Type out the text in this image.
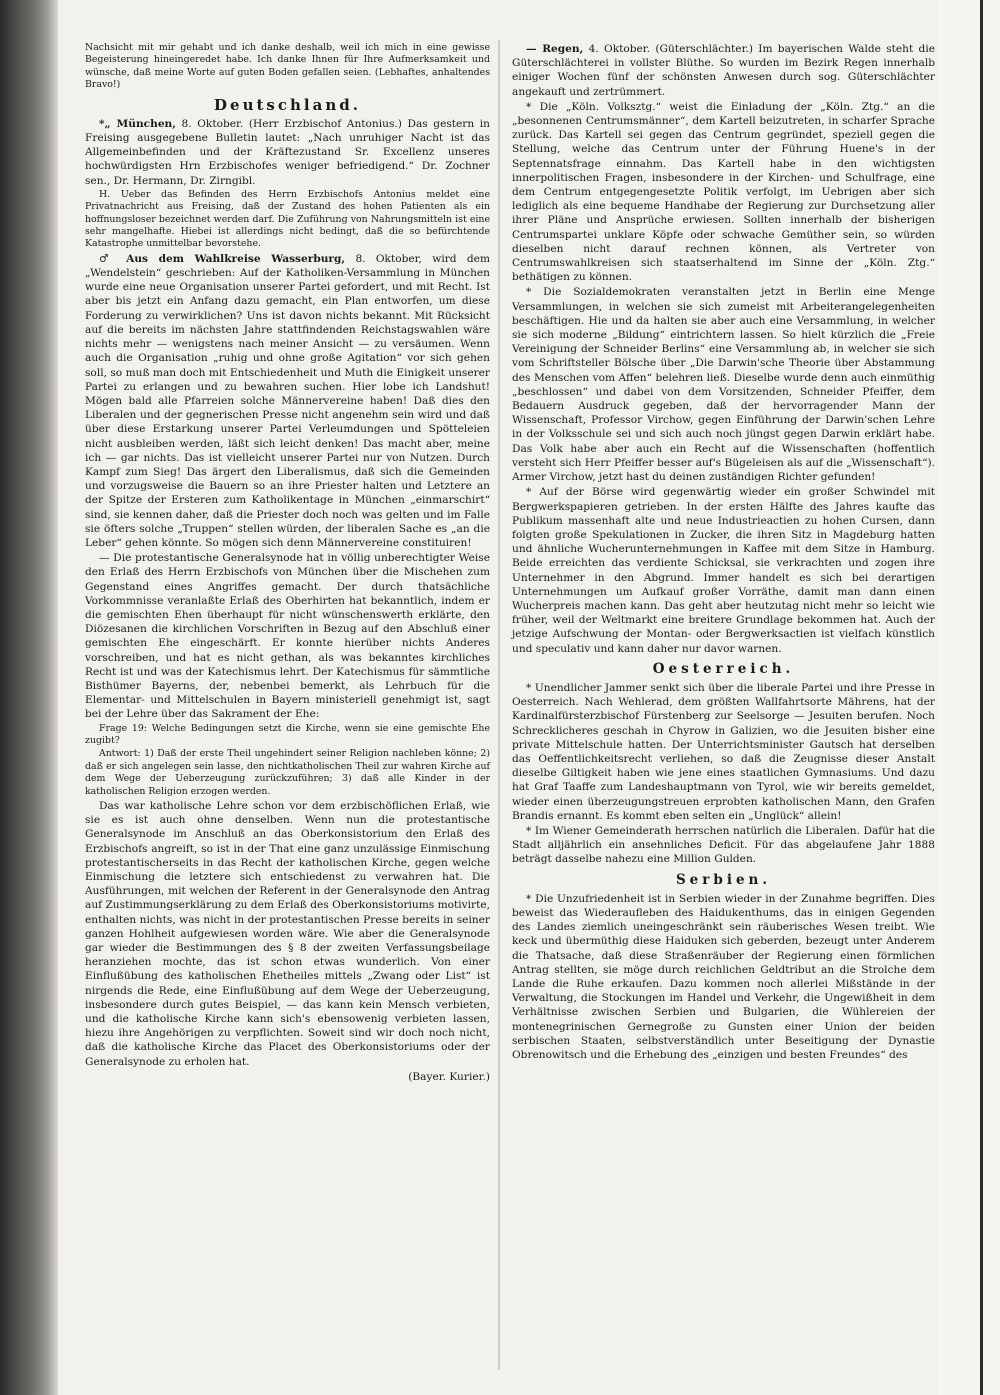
Nachsicht mit mir gehabt und ich danke deshalb, weil ich mich in eine gewisse Begeisterung hineingeredet habe. Ich danke Ihnen für Ihre Aufmerksamkeit und wünsche, daß meine Worte auf guten Boden gefallen seien. (Lebhaftes, anhaltendes Bravo!)

Deutschland.

*„ München, 8. Oktober. (Herr Erzbischof Antonius.) Das gestern in Freising ausgegebene Bulletin lautet: „Nach unruhiger Nacht ist das Allgemeinbefinden und der Kräftezustand Sr. Excellenz unseres hochwürdigsten Hrn Erzbischofes weniger befriedigend.“ Dr. Zochner sen., Dr. Hermann, Dr. Zirngibl.

H. Ueber das Befinden des Herrn Erzbischofs Antonius meldet eine Privatnachricht aus Freising, daß der Zustand des hohen Patienten als ein hoffnungsloser bezeichnet werden darf. Die Zuführung von Nahrungsmitteln ist eine sehr mangelhafte. Hiebei ist allerdings nicht bedingt, daß die so befürchtende Katastrophe unmittelbar bevorstehe.

♂ Aus dem Wahlkreise Wasserburg, 8. Oktober, wird dem „Wendelstein“ geschrieben: Auf der Katholiken-Versammlung in München wurde eine neue Organisation unserer Partei gefordert, und mit Recht. Ist aber bis jetzt ein Anfang dazu gemacht, ein Plan entworfen, um diese Forderung zu verwirklichen? Uns ist davon nichts bekannt. Mit Rücksicht auf die bereits im nächsten Jahre stattfindenden Reichstagswahlen wäre nichts mehr — wenigstens nach meiner Ansicht — zu versäumen. Wenn auch die Organisation „ruhig und ohne große Agitation“ vor sich gehen soll, so muß man doch mit Entschiedenheit und Muth die Einigkeit unserer Partei zu erlangen und zu bewahren suchen. Hier lobe ich Landshut! Mögen bald alle Pfarreien solche Männervereine haben! Daß dies den Liberalen und der gegnerischen Presse nicht angenehm sein wird und daß über diese Erstarkung unserer Partei Verleumdungen und Spötteleien nicht ausbleiben werden, läßt sich leicht denken! Das macht aber, meine ich — gar nichts. Das ist vielleicht unserer Partei nur von Nutzen. Durch Kampf zum Sieg! Das ärgert den Liberalismus, daß sich die Gemeinden und vorzugsweise die Bauern so an ihre Priester halten und Letztere an der Spitze der Ersteren zum Katholikentage in München „einmarschirt“ sind, sie kennen daher, daß die Priester doch noch was gelten und im Falle sie öfters solche „Truppen“ stellen würden, der liberalen Sache es „an die Leber“ gehen könnte. So mögen sich denn Männervereine constituiren!

— Die protestantische Generalsynode hat in völlig unberechtigter Weise den Erlaß des Herrn Erzbischofs von München über die Mischehen zum Gegenstand eines Angriffes gemacht. Der durch thatsächliche Vorkommnisse veranlaßte Erlaß des Oberhirten hat bekanntlich, indem er die gemischten Ehen überhaupt für nicht wünschenswerth erklärte, den Diözesanen die kirchlichen Vorschriften in Bezug auf den Abschluß einer gemischten Ehe eingeschärft. Er konnte hierüber nichts Anderes vorschreiben, und hat es nicht gethan, als was bekanntes kirchliches Recht ist und was der Katechismus lehrt. Der Katechismus für sämmtliche Bisthümer Bayerns, der, nebenbei bemerkt, als Lehrbuch für die Elementar- und Mittelschulen in Bayern ministeriell genehmigt ist, sagt bei der Lehre über das Sakrament der Ehe:

Frage 19: Welche Bedingungen setzt die Kirche, wenn sie eine gemischte Ehe zugibt?

Antwort: 1) Daß der erste Theil ungehindert seiner Religion nachleben könne; 2) daß er sich angelegen sein lasse, den nichtkatholischen Theil zur wahren Kirche auf dem Wege der Ueberzeugung zurückzuführen; 3) daß alle Kinder in der katholischen Religion erzogen werden.

Das war katholische Lehre schon vor dem erzbischöflichen Erlaß, wie sie es ist auch ohne denselben. Wenn nun die protestantische Generalsynode im Anschluß an das Oberkonsistorium den Erlaß des Erzbischofs angreift, so ist in der That eine ganz unzulässige Einmischung protestantischerseits in das Recht der katholischen Kirche, gegen welche Einmischung die letztere sich entschiedenst zu verwahren hat. Die Ausführungen, mit welchen der Referent in der Generalsynode den Antrag auf Zustimmungserklärung zu dem Erlaß des Oberkonsistoriums motivirte, enthalten nichts, was nicht in der protestantischen Presse bereits in seiner ganzen Hohlheit aufgewiesen worden wäre. Wie aber die Generalsynode gar wieder die Bestimmungen des § 8 der zweiten Verfassungsbeilage heranziehen mochte, das ist schon etwas wunderlich. Von einer Einflußübung des katholischen Ehetheiles mittels „Zwang oder List“ ist nirgends die Rede, eine Einflußübung auf dem Wege der Ueberzeugung, insbesondere durch gutes Beispiel, — das kann kein Mensch verbieten, und die katholische Kirche kann sich's ebensowenig verbieten lassen, hiezu ihre Angehörigen zu verpflichten. Soweit sind wir doch noch nicht, daß die katholische Kirche das Placet des Oberkonsistoriums oder der Generalsynode zu erholen hat.

(Bayer. Kurier.)

— Regen, 4. Oktober. (Güterschlächter.) Im bayerischen Walde steht die Güterschlächterei in vollster Blüthe. So wurden im Bezirk Regen innerhalb einiger Wochen fünf der schönsten Anwesen durch sog. Güterschlächter angekauft und zertrümmert.

* Die „Köln. Volksztg.“ weist die Einladung der „Köln. Ztg.“ an die „besonnenen Centrumsmänner“, dem Kartell beizutreten, in scharfer Sprache zurück. Das Kartell sei gegen das Centrum gegründet, speziell gegen die Stellung, welche das Centrum unter der Führung Huene's in der Septennatsfrage einnahm. Das Kartell habe in den wichtigsten innerpolitischen Fragen, insbesondere in der Kirchen- und Schulfrage, eine dem Centrum entgegengesetzte Politik verfolgt, im Uebrigen aber sich lediglich als eine bequeme Handhabe der Regierung zur Durchsetzung aller ihrer Pläne und Ansprüche erwiesen. Sollten innerhalb der bisherigen Centrumspartei unklare Köpfe oder schwache Gemüther sein, so würden dieselben nicht darauf rechnen können, als Vertreter von Centrumswahlkreisen sich staatserhaltend im Sinne der „Köln. Ztg.“ bethätigen zu können.

* Die Sozialdemokraten veranstalten jetzt in Berlin eine Menge Versammlungen, in welchen sie sich zumeist mit Arbeiterangelegenheiten beschäftigen. Hie und da halten sie aber auch eine Versammlung, in welcher sie sich moderne „Bildung“ eintrichtern lassen. So hielt kürzlich die „Freie Vereinigung der Schneider Berlins“ eine Versammlung ab, in welcher sie sich vom Schriftsteller Bölsche über „Die Darwin'sche Theorie über Abstammung des Menschen vom Affen“ belehren ließ. Dieselbe wurde denn auch einmüthig „beschlossen“ und dabei von dem Vorsitzenden, Schneider Pfeiffer, dem Bedauern Ausdruck gegeben, daß der hervorragender Mann der Wissenschaft, Professor Virchow, gegen Einführung der Darwin'schen Lehre in der Volksschule sei und sich auch noch jüngst gegen Darwin erklärt habe. Das Volk habe aber auch ein Recht auf die Wissenschaften (hoffentlich versteht sich Herr Pfeiffer besser auf's Bügeleisen als auf die „Wissenschaft“). Armer Virchow, jetzt hast du deinen zuständigen Richter gefunden!

* Auf der Börse wird gegenwärtig wieder ein großer Schwindel mit Bergwerkspapieren getrieben. In der ersten Hälfte des Jahres kaufte das Publikum massenhaft alte und neue Industrieactien zu hohen Cursen, dann folgten große Spekulationen in Zucker, die ihren Sitz in Magdeburg hatten und ähnliche Wucherunternehmungen in Kaffee mit dem Sitze in Hamburg. Beide erreichten das verdiente Schicksal, sie verkrachten und zogen ihre Unternehmer in den Abgrund. Immer handelt es sich bei derartigen Unternehmungen um Aufkauf großer Vorräthe, damit man dann einen Wucherpreis machen kann. Das geht aber heutzutag nicht mehr so leicht wie früher, weil der Weltmarkt eine breitere Grundlage bekommen hat. Auch der jetzige Aufschwung der Montan- oder Bergwerksactien ist vielfach künstlich und speculativ und kann daher nur davor warnen.

Oesterreich.

* Unendlicher Jammer senkt sich über die liberale Partei und ihre Presse in Oesterreich. Nach Wehlerad, dem größten Wallfahrtsorte Mährens, hat der Kardinalfürsterzbischof Fürstenberg zur Seelsorge — Jesuiten berufen. Noch Schrecklicheres geschah in Chyrow in Galizien, wo die Jesuiten bisher eine private Mittelschule hatten. Der Unterrichtsminister Gautsch hat derselben das Oeffentlichkeitsrecht verliehen, so daß die Zeugnisse dieser Anstalt dieselbe Giltigkeit haben wie jene eines staatlichen Gymnasiums. Und dazu hat Graf Taaffe zum Landeshauptmann von Tyrol, wie wir bereits gemeldet, wieder einen überzeugungstreuen erprobten katholischen Mann, den Grafen Brandis ernannt. Es kommt eben selten ein „Unglück“ allein!

* Im Wiener Gemeinderath herrschen natürlich die Liberalen. Dafür hat die Stadt alljährlich ein ansehnliches Deficit. Für das abgelaufene Jahr 1888 beträgt dasselbe nahezu eine Million Gulden.

Serbien.

* Die Unzufriedenheit ist in Serbien wieder in der Zunahme begriffen. Dies beweist das Wiederaufleben des Haidukenthums, das in einigen Gegenden des Landes ziemlich uneingeschränkt sein räuberisches Wesen treibt. Wie keck und übermüthig diese Haiduken sich geberden, bezeugt unter Anderem die Thatsache, daß diese Straßenräuber der Regierung einen förmlichen Antrag stellten, sie möge durch reichlichen Geldtribut an die Strolche dem Lande die Ruhe erkaufen. Dazu kommen noch allerlei Mißstände in der Verwaltung, die Stockungen im Handel und Verkehr, die Ungewißheit in dem Verhältnisse zwischen Serbien und Bulgarien, die Wühlereien der montenegrinischen Gernegroße zu Gunsten einer Union der beiden serbischen Staaten, selbstverständlich unter Beseitigung der Dynastie Obrenowitsch und die Erhebung des „einzigen und besten Freundes“ des
